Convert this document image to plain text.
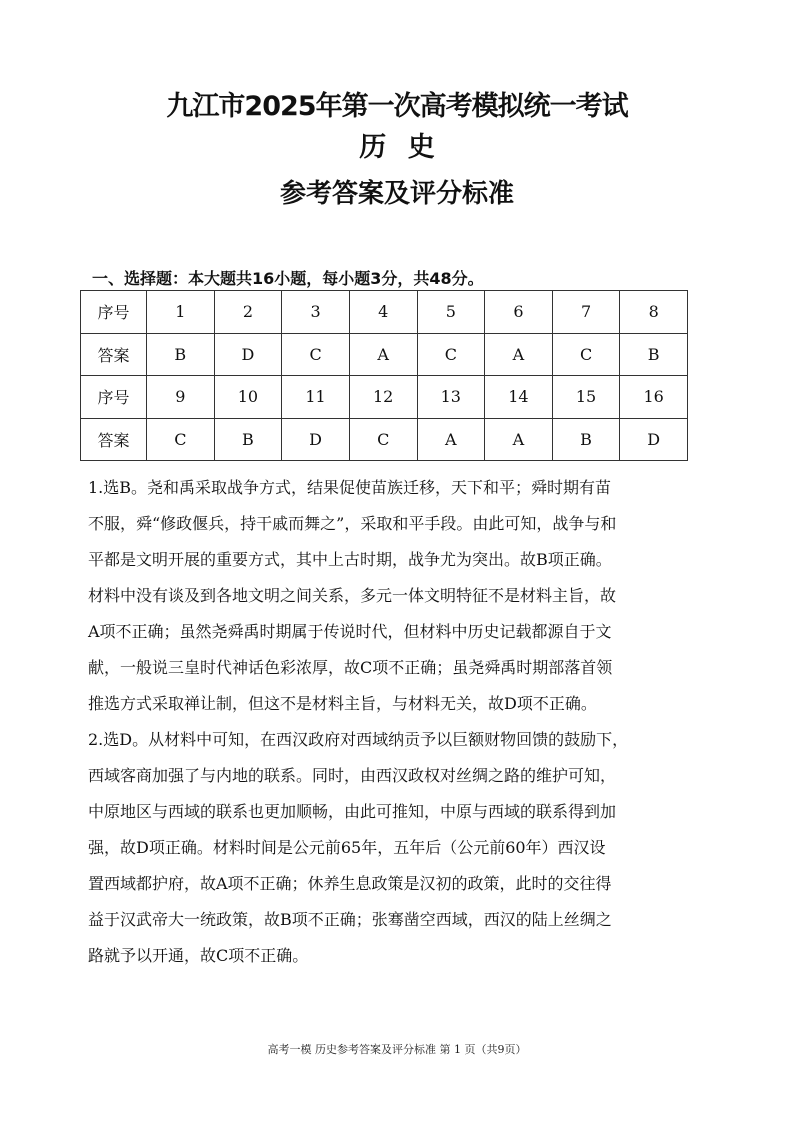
九江市2025年第一次高考模拟统一考试
历 史
参考答案及评分标准
一、选择题：本大题共16小题，每小题3分，共48分。
序号	1	2	3	4	5	6	7	8
答案	B	D	C	A	C	A	C	B
序号	9	10	11	12	13	14	15	16
答案	C	B	D	C	A	A	B	D

1.选B。尧和禹采取战争方式，结果促使苗族迁移，天下和平；舜时期有苗

不服，舜“修政偃兵，持干戚而舞之”，采取和平手段。由此可知，战争与和

平都是文明开展的重要方式，其中上古时期，战争尤为突出。故B项正确。

材料中没有谈及到各地文明之间关系，多元一体文明特征不是材料主旨，故

A项不正确；虽然尧舜禹时期属于传说时代，但材料中历史记载都源自于文

献，一般说三皇时代神话色彩浓厚，故C项不正确；虽尧舜禹时期部落首领

推选方式采取禅让制，但这不是材料主旨，与材料无关，故D项不正确。

2.选D。从材料中可知，在西汉政府对西域纳贡予以巨额财物回馈的鼓励下，

西域客商加强了与内地的联系。同时，由西汉政权对丝绸之路的维护可知，

中原地区与西域的联系也更加顺畅，由此可推知，中原与西域的联系得到加

强，故D项正确。材料时间是公元前65年，五年后（公元前60年）西汉设

置西域都护府，故A项不正确；休养生息政策是汉初的政策，此时的交往得

益于汉武帝大一统政策，故B项不正确；张骞凿空西域，西汉的陆上丝绸之

路就予以开通，故C项不正确。

高考一模 历史参考答案及评分标准 第 1 页（共9页）
